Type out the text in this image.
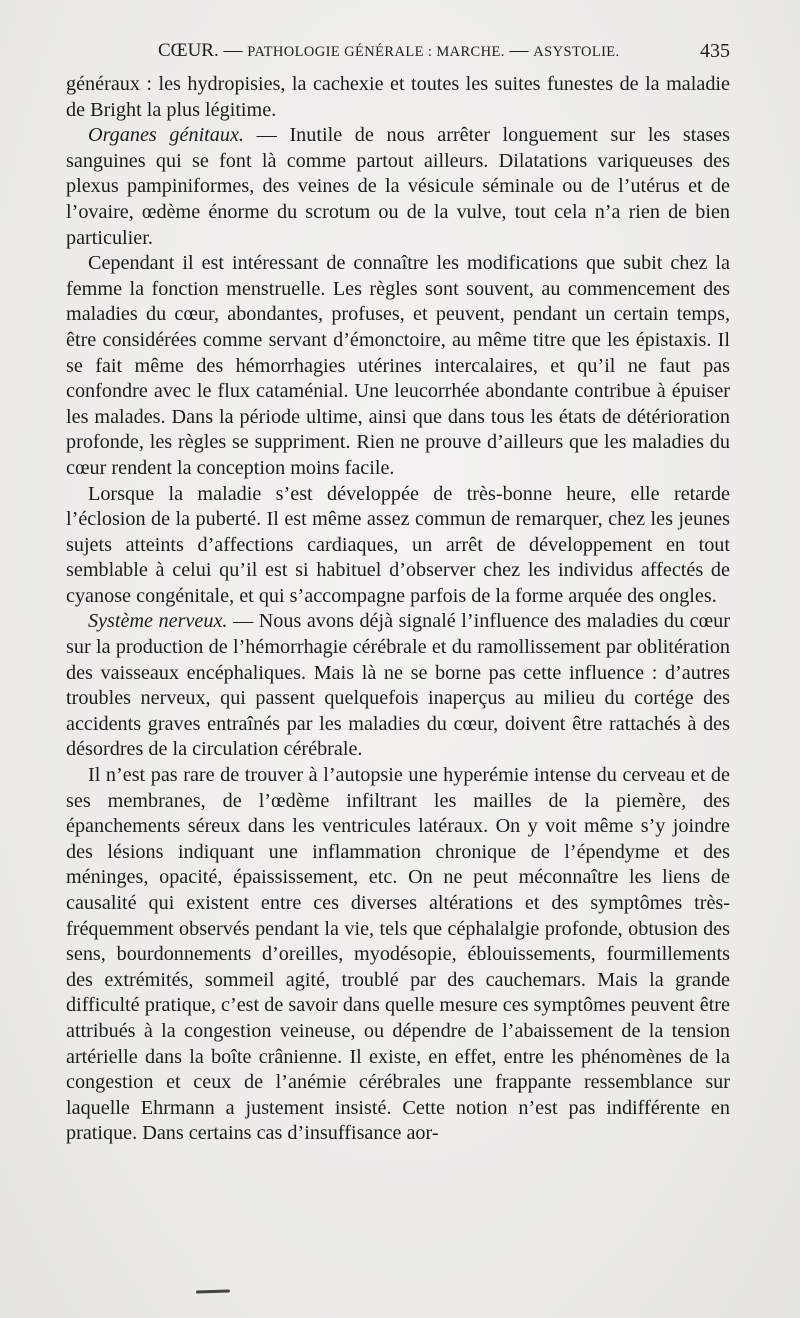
CŒUR. — PATHOLOGIE GÉNÉRALE : MARCHE. — ASYSTOLIE.	435

généraux : les hydropisies, la cachexie et toutes les suites funestes de la maladie de Bright la plus légitime.

Organes génitaux. — Inutile de nous arrêter longuement sur les stases sanguines qui se font là comme partout ailleurs. Dilatations variqueuses des plexus pampiniformes, des veines de la vésicule séminale ou de l’utérus et de l’ovaire, œdème énorme du scrotum ou de la vulve, tout cela n’a rien de bien particulier.

Cependant il est intéressant de connaître les modifications que subit chez la femme la fonction menstruelle. Les règles sont souvent, au commencement des maladies du cœur, abondantes, profuses, et peuvent, pendant un certain temps, être considérées comme servant d’émonctoire, au même titre que les épistaxis. Il se fait même des hémorrhagies utérines intercalaires, et qu’il ne faut pas confondre avec le flux cataménial. Une leucorrhée abondante contribue à épuiser les malades. Dans la période ultime, ainsi que dans tous les états de détérioration profonde, les règles se suppriment. Rien ne prouve d’ailleurs que les maladies du cœur rendent la conception moins facile.

Lorsque la maladie s’est développée de très-bonne heure, elle retarde l’éclosion de la puberté. Il est même assez commun de remarquer, chez les jeunes sujets atteints d’affections cardiaques, un arrêt de développement en tout semblable à celui qu’il est si habituel d’observer chez les individus affectés de cyanose congénitale, et qui s’accompagne parfois de la forme arquée des ongles.

Système nerveux. — Nous avons déjà signalé l’influence des maladies du cœur sur la production de l’hémorrhagie cérébrale et du ramollissement par oblitération des vaisseaux encéphaliques. Mais là ne se borne pas cette influence : d’autres troubles nerveux, qui passent quelquefois inaperçus au milieu du cortége des accidents graves entraînés par les maladies du cœur, doivent être rattachés à des désordres de la circulation cérébrale.

Il n’est pas rare de trouver à l’autopsie une hyperémie intense du cerveau et de ses membranes, de l’œdème infiltrant les mailles de la piemère, des épanchements séreux dans les ventricules latéraux. On y voit même s’y joindre des lésions indiquant une inflammation chronique de l’épendyme et des méninges, opacité, épaississement, etc. On ne peut méconnaître les liens de causalité qui existent entre ces diverses altérations et des symptômes très-fréquemment observés pendant la vie, tels que céphalalgie profonde, obtusion des sens, bourdonnements d’oreilles, myodésopie, éblouissements, fourmillements des extrémités, sommeil agité, troublé par des cauchemars. Mais la grande difficulté pratique, c’est de savoir dans quelle mesure ces symptômes peuvent être attribués à la congestion veineuse, ou dépendre de l’abaissement de la tension artérielle dans la boîte crânienne. Il existe, en effet, entre les phénomènes de la congestion et ceux de l’anémie cérébrales une frappante ressemblance sur laquelle Ehrmann a justement insisté. Cette notion n’est pas indifférente en pratique. Dans certains cas d’insuffisance aor-
